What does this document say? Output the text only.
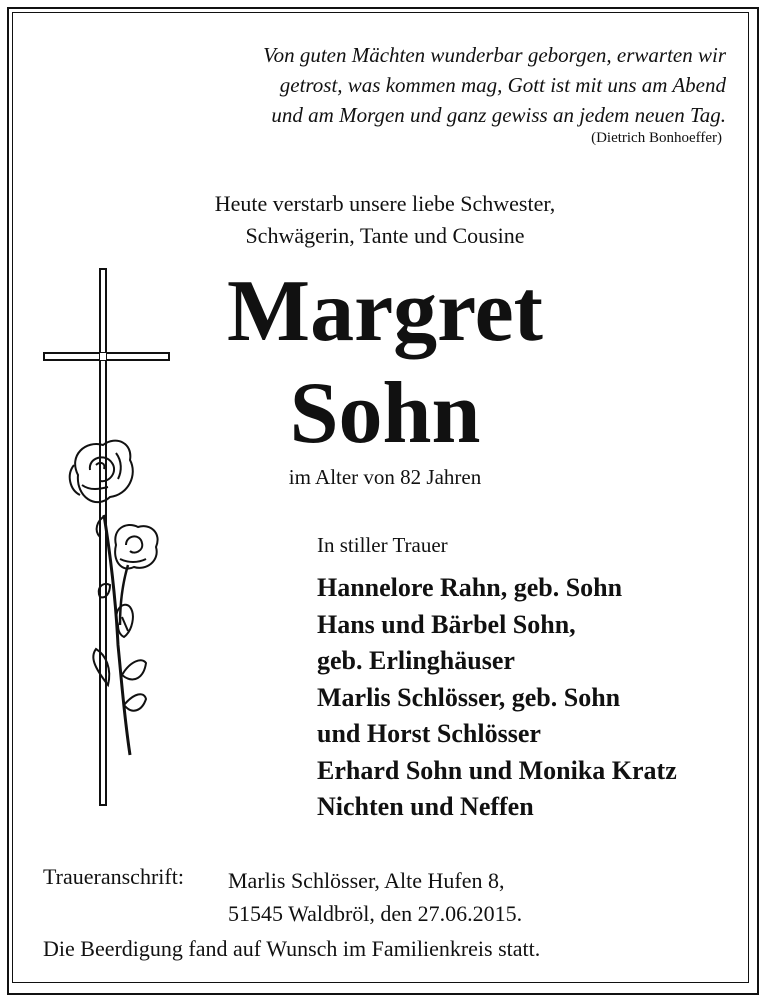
Von guten Mächten wunderbar geborgen, erwarten wir
getrost, was kommen mag, Gott ist mit uns am Abend
und am Morgen und ganz gewiss an jedem neuen Tag.
(Dietrich Bonhoeffer)
Heute verstarb unsere liebe Schwester,
Schwägerin, Tante und Cousine
Margret
Sohn
im Alter von 82 Jahren
In stiller Trauer
Hannelore Rahn, geb. Sohn
Hans und Bärbel Sohn,
geb. Erlinghäuser
Marlis Schlösser, geb. Sohn
und Horst Schlösser
Erhard Sohn und Monika Kratz
Nichten und Neffen
Traueranschrift: Marlis Schlösser, Alte Hufen 8,
51545 Waldbröl, den 27.06.2015.
Die Beerdigung fand auf Wunsch im Familienkreis statt.
